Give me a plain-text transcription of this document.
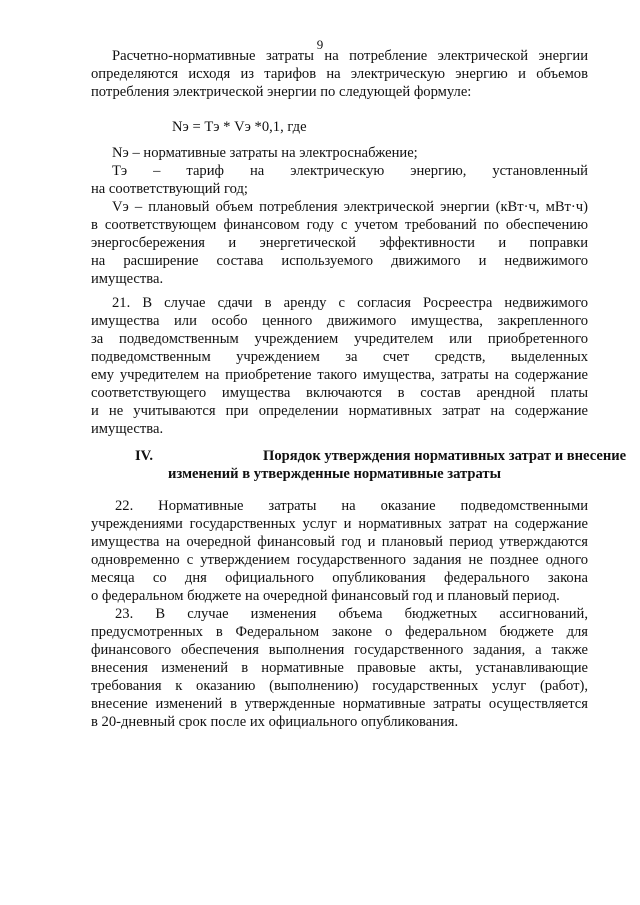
9
Расчетно-нормативные затраты на потребление электрической энергии
определяются исходя из тарифов на электрическую энергию и объемов
потребления электрической энергии по следующей формуле:
Nэ = Tэ * Vэ *0,1, где
Nэ – нормативные затраты на электроснабжение;
Tэ – тариф на электрическую энергию, установленный
на соответствующий год;
Vэ – плановый объем потребления электрической энергии (кВт·ч, мВт·ч)
в соответствующем финансовом году с учетом требований по обеспечению
энергосбережения и энергетической эффективности и поправки
на расширение состава используемого движимого и недвижимого
имущества.
21. В случае сдачи в аренду с согласия Росреестра недвижимого
имущества или особо ценного движимого имущества, закрепленного
за подведомственным учреждением учредителем или приобретенного
подведомственным учреждением за счет средств, выделенных
ему учредителем на приобретение такого имущества, затраты на содержание
соответствующего имущества включаются в состав арендной платы
и не учитываются при определении нормативных затрат на содержание
имущества.
IV.	Порядок утверждения нормативных затрат и внесение
изменений в утвержденные нормативные затраты
22. Нормативные затраты на оказание подведомственными
учреждениями государственных услуг и нормативных затрат на содержание
имущества на очередной финансовый год и плановый период утверждаются
одновременно с утверждением государственного задания не позднее одного
месяца со дня официального опубликования федерального закона
о федеральном бюджете на очередной финансовый год и плановый период.
23. В случае изменения объема бюджетных ассигнований,
предусмотренных в Федеральном законе о федеральном бюджете для
финансового обеспечения выполнения государственного задания, а также
внесения изменений в нормативные правовые акты, устанавливающие
требования к оказанию (выполнению) государственных услуг (работ),
внесение изменений в утвержденные нормативные затраты осуществляется
в 20-дневный срок после их официального опубликования.
